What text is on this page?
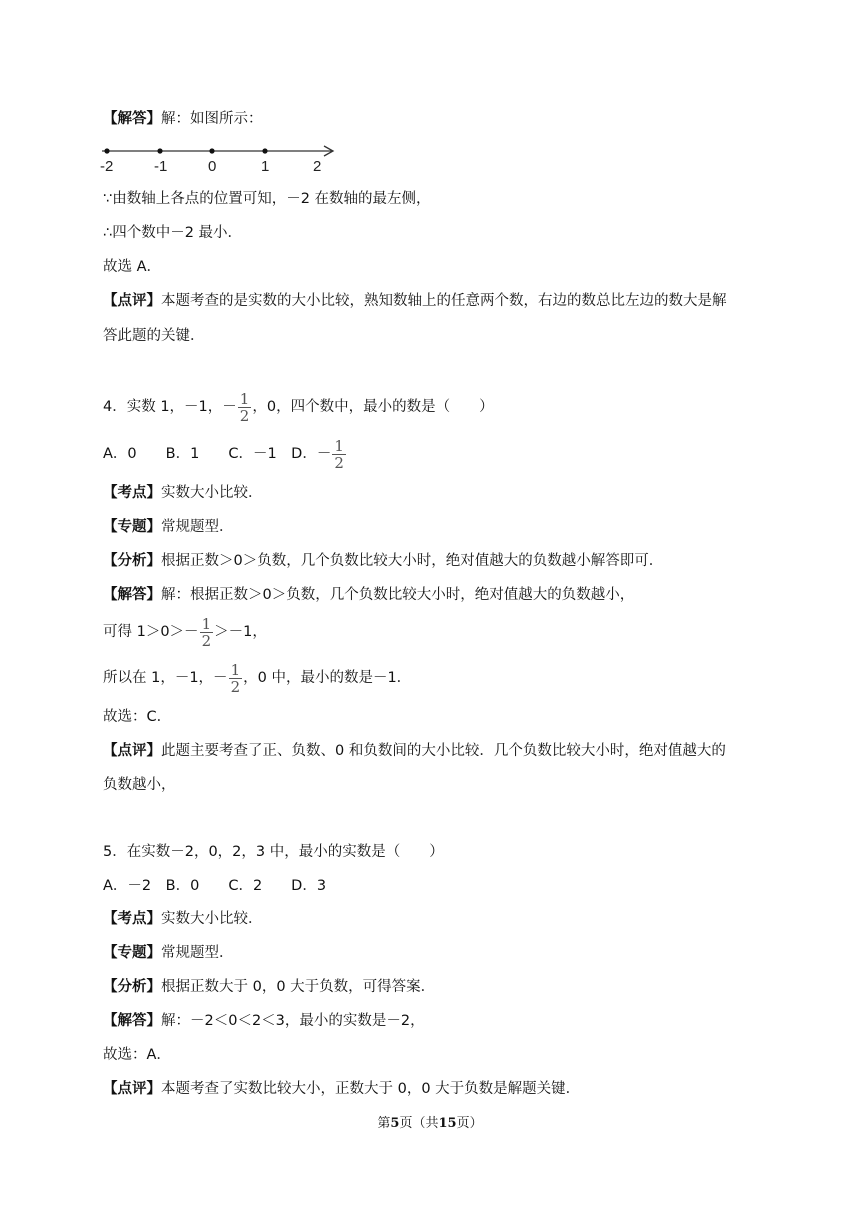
【解答】解：如图所示：
-2	-1	0	1	2
∵由数轴上各点的位置可知，－2 在数轴的最左侧，
∴四个数中－2 最小．
故选 A．
【点评】本题考查的是实数的大小比较，熟知数轴上的任意两个数，右边的数总比左边的数大是解
答此题的关键．
4．实数 1，－1，－ $\frac{1}{2}$ ，0，四个数中，最小的数是（　　）
A．0　　B．1　　C．－1　D．－ $\frac{1}{2}$
【考点】实数大小比较．
【专题】常规题型．
【分析】根据正数＞0＞负数，几个负数比较大小时，绝对值越大的负数越小解答即可．
【解答】解：根据正数＞0＞负数，几个负数比较大小时，绝对值越大的负数越小，
可得 $1>0>- \frac{1}{2} >-1$，
所以在 1，－1，－ $\frac{1}{2}$ ，0 中，最小的数是－1．
故选：C．
【点评】此题主要考查了正、负数、0 和负数间的大小比较．几个负数比较大小时，绝对值越大的
负数越小，
5．在实数－2，0，2，3 中，最小的实数是（　　）
A．－2　B．0　　C．2　　D．3
【考点】实数大小比较．
【专题】常规题型．
【分析】根据正数大于 0，0 大于负数，可得答案．
【解答】解：－2＜0＜2＜3，最小的实数是－2，
故选：A．
【点评】本题考查了实数比较大小，正数大于 0，0 大于负数是解题关键．
第5页（共15页）
